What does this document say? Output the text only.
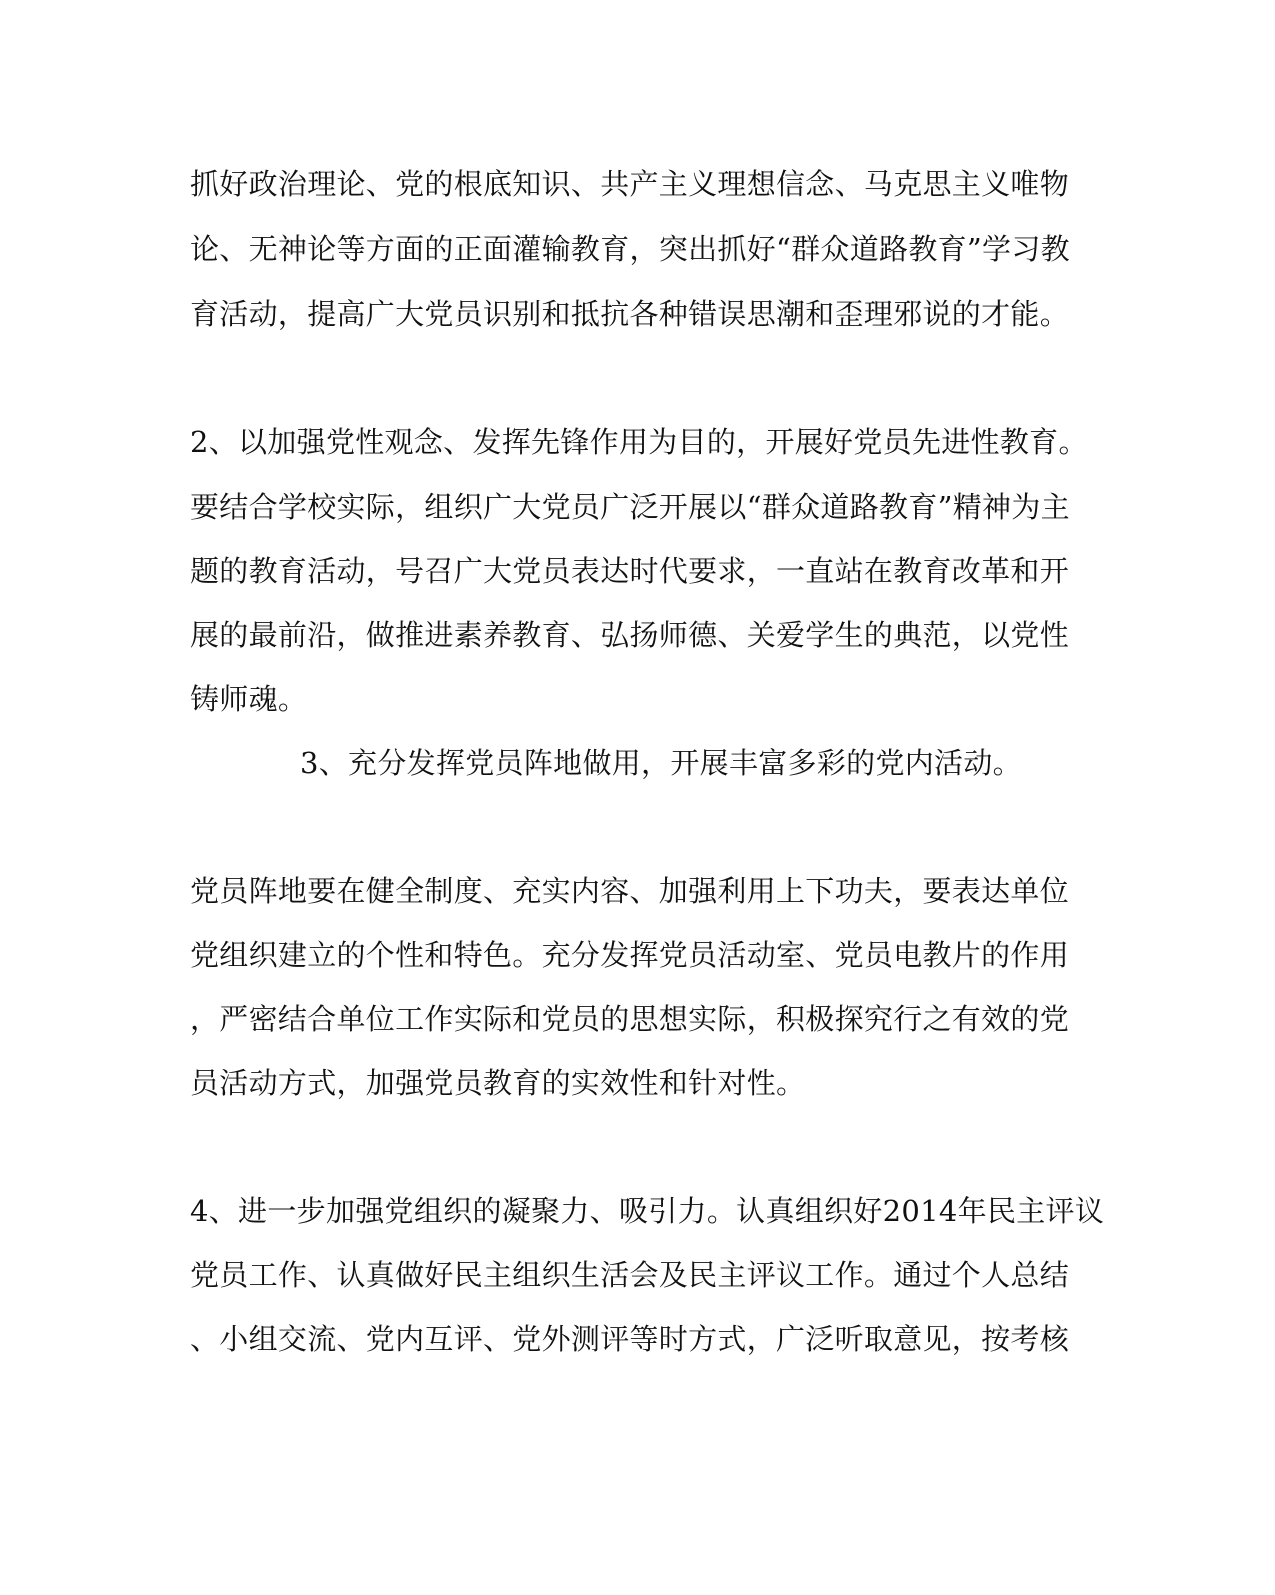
抓好政治理论、党的根底知识、共产主义理想信念、马克思主义唯物

论、无神论等方面的正面灌输教育，突出抓好“群众道路教育”学习教

育活动，提高广大党员识别和抵抗各种错误思潮和歪理邪说的才能。

2、以加强党性观念、发挥先锋作用为目的，开展好党员先进性教育。

要结合学校实际，组织广大党员广泛开展以“群众道路教育”精神为主

题的教育活动，号召广大党员表达时代要求，一直站在教育改革和开

展的最前沿，做推进素养教育、弘扬师德、关爱学生的典范，以党性

铸师魂。

3、充分发挥党员阵地做用，开展丰富多彩的党内活动。

党员阵地要在健全制度、充实内容、加强利用上下功夫，要表达单位

党组织建立的个性和特色。充分发挥党员活动室、党员电教片的作用

，严密结合单位工作实际和党员的思想实际，积极探究行之有效的党

员活动方式，加强党员教育的实效性和针对性。

4、进一步加强党组织的凝聚力、吸引力。认真组织好2014年民主评议

党员工作、认真做好民主组织生活会及民主评议工作。通过个人总结

、小组交流、党内互评、党外测评等时方式，广泛听取意见，按考核
